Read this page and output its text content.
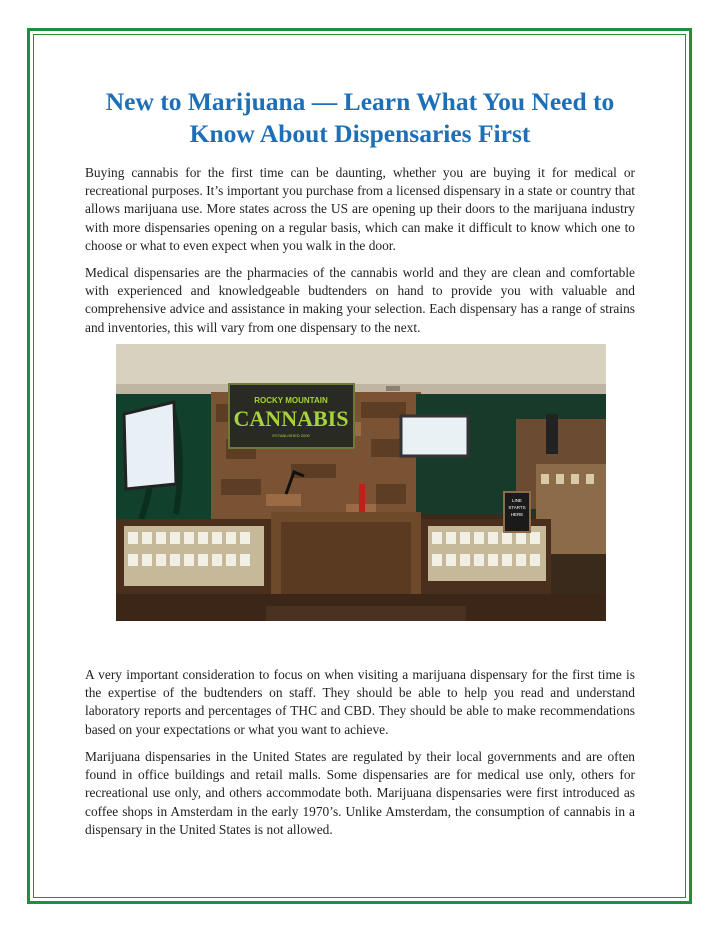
New to Marijuana — Learn What You Need to Know About Dispensaries First

Buying cannabis for the first time can be daunting, whether you are buying it for medical or recreational purposes. It’s important you purchase from a licensed dispensary in a state or country that allows marijuana use. More states across the US are opening up their doors to the marijuana industry with more dispensaries opening on a regular basis, which can make it difficult to know which one to choose or what to even expect when you walk in the door.

Medical dispensaries are the pharmacies of the cannabis world and they are clean and comfortable with experienced and knowledgeable budtenders on hand to provide you with valuable and comprehensive advice and assistance in making your selection. Each dispensary has a range of strains and inventories, this will vary from one dispensary to the next.

ROCKY MOUNTAIN
CANNABIS
ESTABLISHED 2009
LINE
STARTS
HERE

A very important consideration to focus on when visiting a marijuana dispensary for the first time is the expertise of the budtenders on staff. They should be able to help you read and understand laboratory reports and percentages of THC and CBD. They should be able to make recommendations based on your expectations or what you want to achieve.

Marijuana dispensaries in the United States are regulated by their local governments and are often found in office buildings and retail malls. Some dispensaries are for medical use only, others for recreational use only, and others accommodate both. Marijuana dispensaries were first introduced as coffee shops in Amsterdam in the early 1970’s. Unlike Amsterdam, the consumption of cannabis in a dispensary in the United States is not allowed.
